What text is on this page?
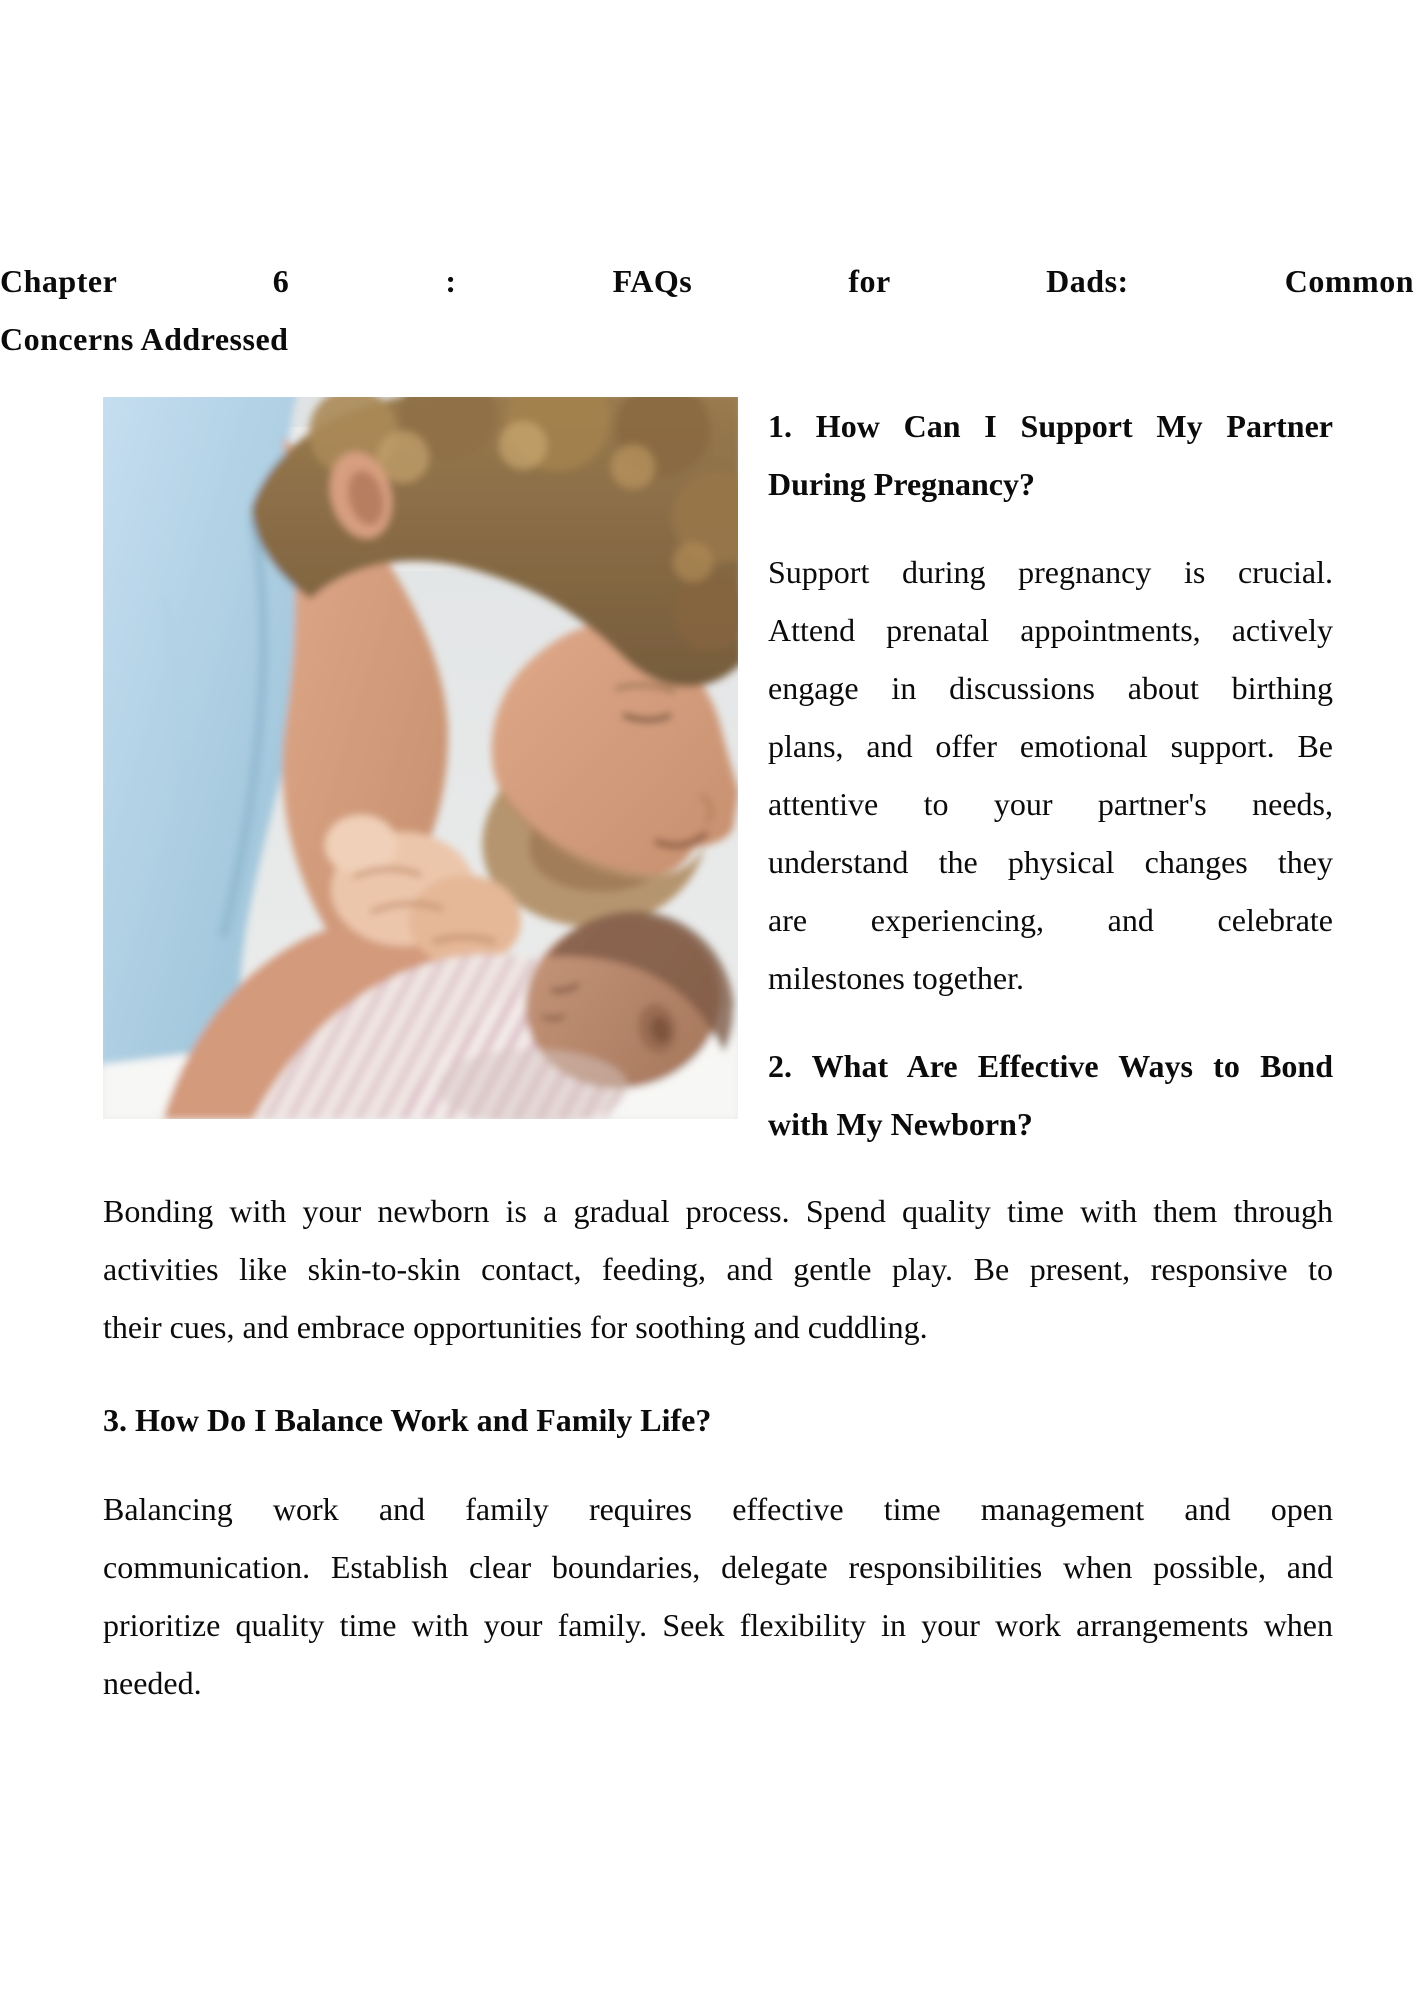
Chapter 6 : FAQs for Dads: Common
Concerns Addressed
1. How Can I Support My Partner
During Pregnancy?
Support during pregnancy is crucial.
Attend prenatal appointments, actively
engage in discussions about birthing
plans, and offer emotional support. Be
attentive to your partner's needs,
understand the physical changes they
are experiencing, and celebrate
milestones together.
2. What Are Effective Ways to Bond
with My Newborn?
Bonding with your newborn is a gradual process. Spend quality time with them through
activities like skin-to-skin contact, feeding, and gentle play. Be present, responsive to
their cues, and embrace opportunities for soothing and cuddling.
3. How Do I Balance Work and Family Life?
Balancing work and family requires effective time management and open
communication. Establish clear boundaries, delegate responsibilities when possible, and
prioritize quality time with your family. Seek flexibility in your work arrangements when
needed.
